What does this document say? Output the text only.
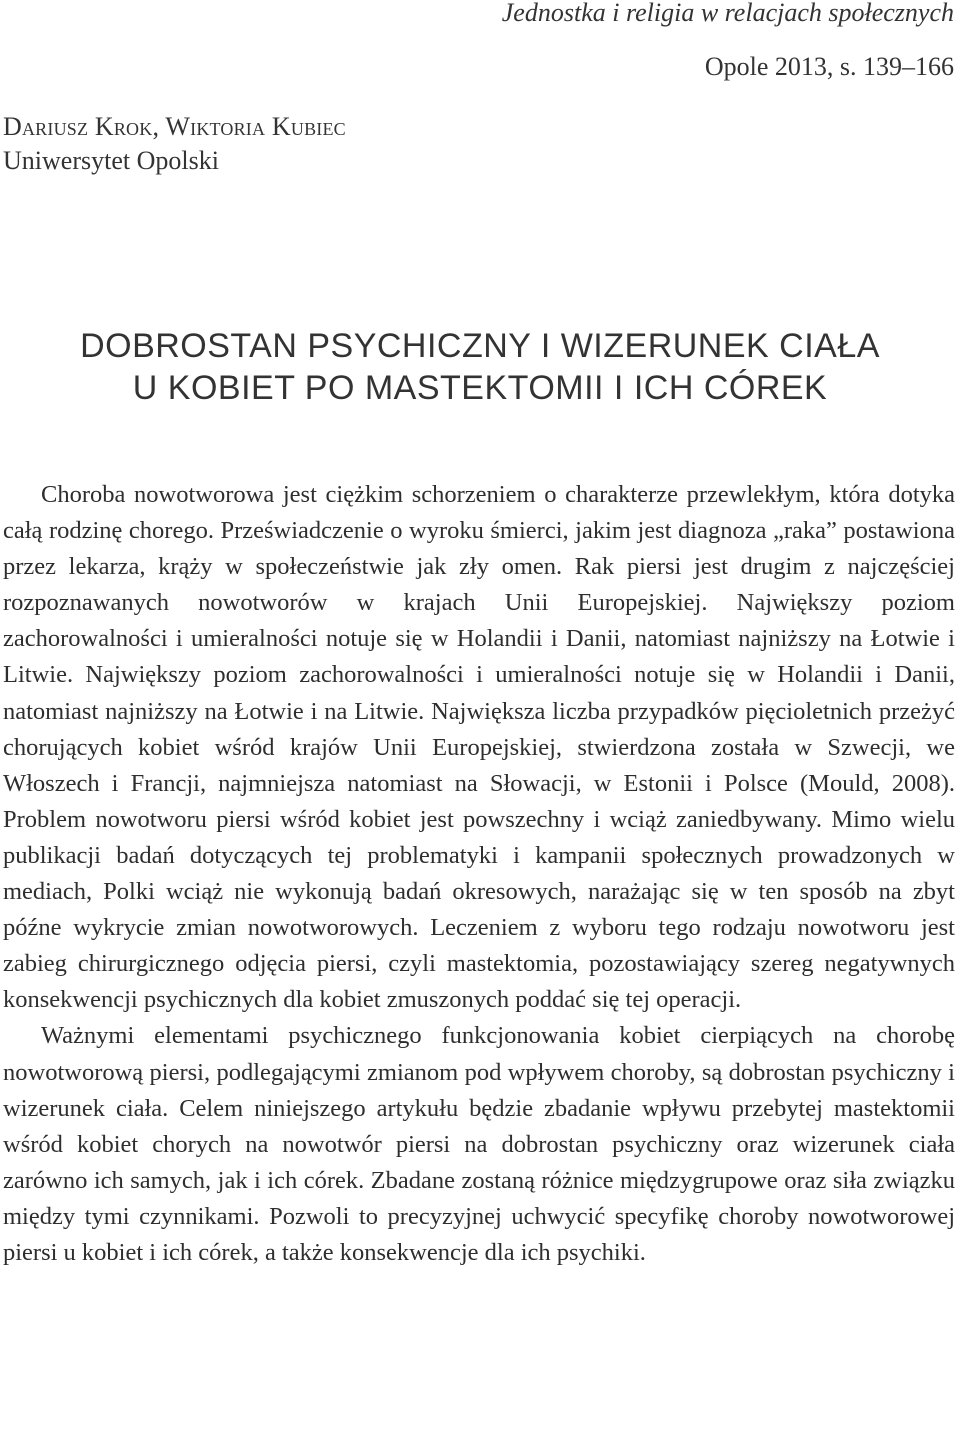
Jednostka i religia w relacjach społecznych
Opole 2013, s. 139–166
Dariusz Krok, Wiktoria Kubiec
Uniwersytet Opolski
DOBROSTAN PSYCHICZNY I WIZERUNEK CIAŁA
U KOBIET PO MASTEKTOMII I ICH CÓREK

Choroba nowotworowa jest ciężkim schorzeniem o charakterze przewlekłym, która dotyka całą rodzinę chorego. Przeświadczenie o wyroku śmierci, jakim jest diagnoza „raka” postawiona przez lekarza, krąży w społeczeństwie jak zły omen. Rak piersi jest drugim z najczęściej rozpoznawanych nowotworów w krajach Unii Europejskiej. Największy poziom zachorowalności i umieralności notuje się w Holandii i Danii, natomiast najniższy na Łotwie i Litwie. Największy poziom zachorowalności i umieralności notuje się w Holandii i Danii, natomiast najniższy na Łotwie i na Litwie. Największa liczba przypadków pięcioletnich przeżyć chorujących kobiet wśród krajów Unii Europejskiej, stwierdzona została w Szwecji, we Włoszech i Francji, najmniejsza natomiast na Słowacji, w Estonii i Polsce (Mould, 2008). Problem nowotworu piersi wśród kobiet jest powszechny i wciąż zaniedbywany. Mimo wielu publikacji badań dotyczących tej problematyki i kampanii społecznych prowadzonych w mediach, Polki wciąż nie wykonują badań okresowych, narażając się w ten sposób na zbyt późne wykrycie zmian nowotworowych. Leczeniem z wyboru tego rodzaju nowotworu jest zabieg chirurgicznego odjęcia piersi, czyli mastektomia, pozostawiający szereg negatywnych konsekwencji psychicznych dla kobiet zmuszonych poddać się tej operacji.

Ważnymi elementami psychicznego funkcjonowania kobiet cierpiących na chorobę nowotworową piersi, podlegającymi zmianom pod wpływem choroby, są dobrostan psychiczny i wizerunek ciała. Celem niniejszego artykułu będzie zbadanie wpływu przebytej mastektomii wśród kobiet chorych na nowotwór piersi na dobrostan psychiczny oraz wizerunek ciała zarówno ich samych, jak i ich córek. Zbadane zostaną różnice międzygrupowe oraz siła związku między tymi czynnikami. Pozwoli to precyzyjnej uchwycić specyfikę choroby nowotworowej piersi u kobiet i ich córek, a także konsekwencje dla ich psychiki.
